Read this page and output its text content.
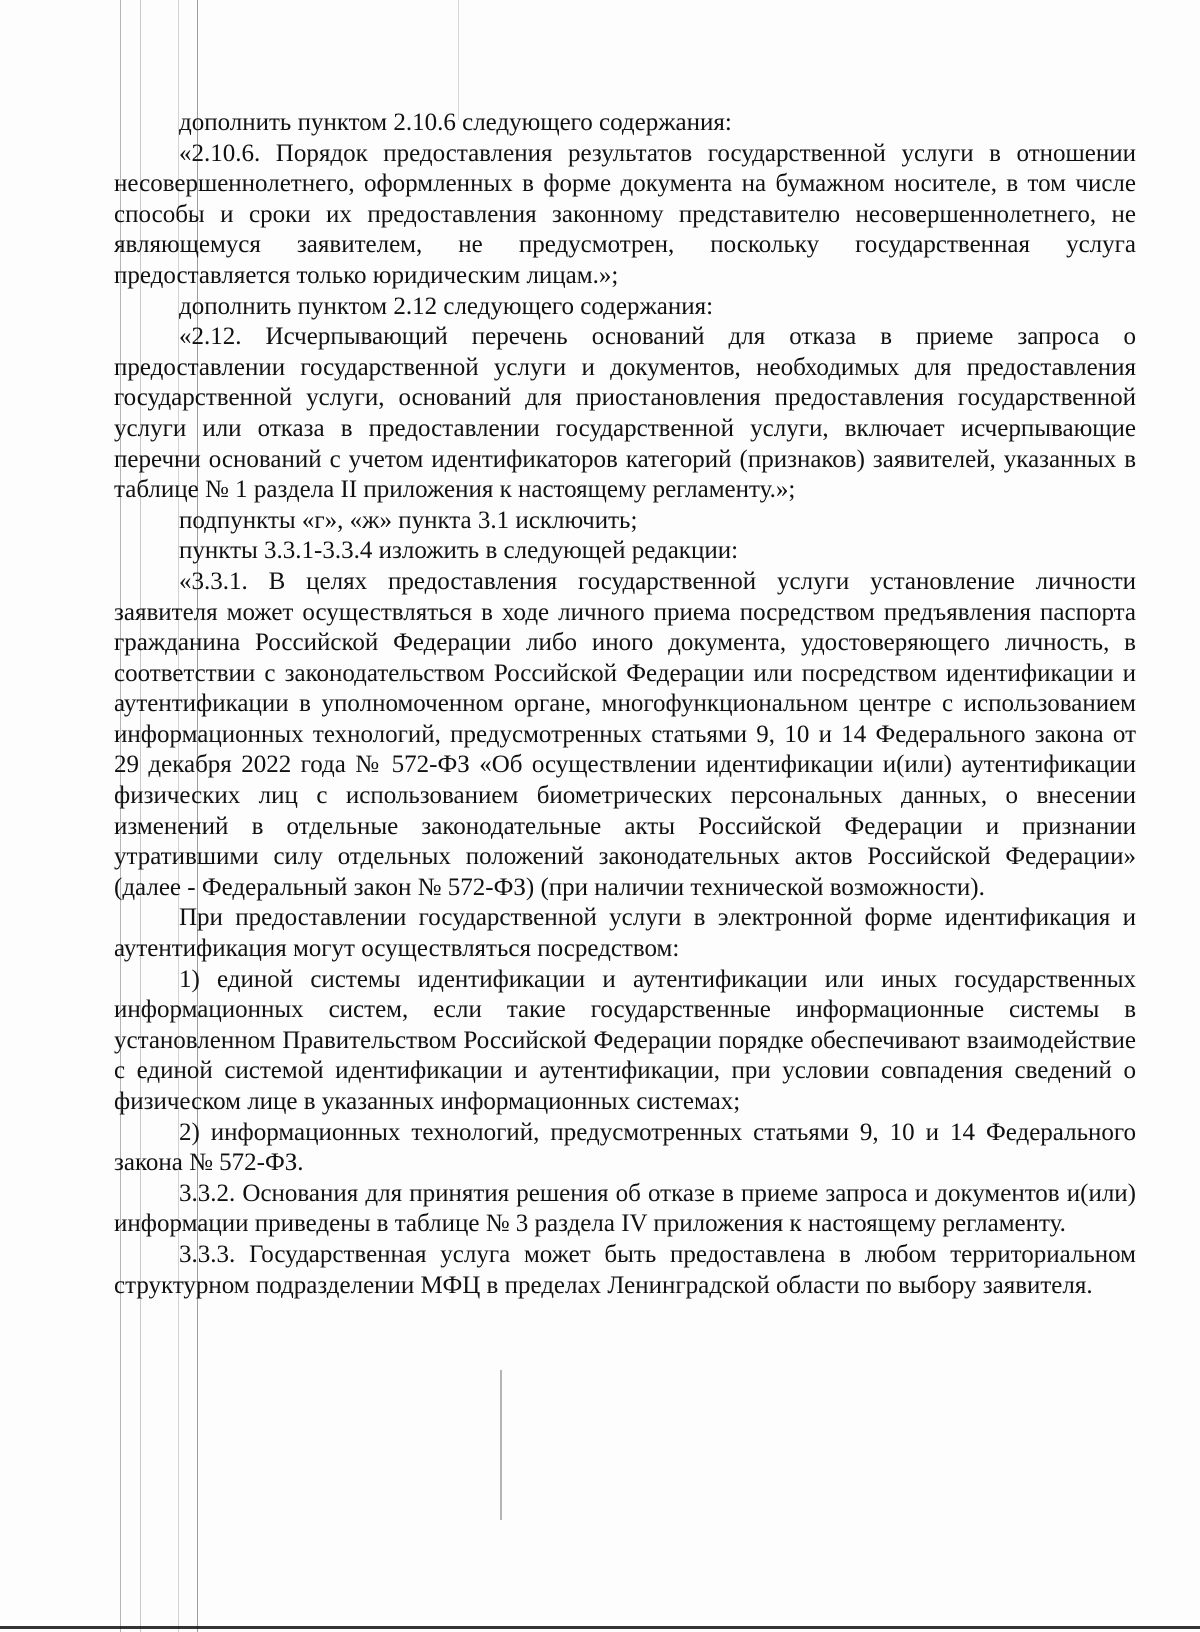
дополнить пунктом 2.10.6 следующего содержания:

«2.10.6. Порядок предоставления результатов государственной услуги в отношении несовершеннолетнего, оформленных в форме документа на бумажном носителе, в том числе способы и сроки их предоставления законному представителю несовершеннолетнего, не являющемуся заявителем, не предусмотрен, поскольку государственная услуга предоставляется только юридическим лицам.»;

дополнить пунктом 2.12 следующего содержания:

«2.12. Исчерпывающий перечень оснований для отказа в приеме запроса о предоставлении государственной услуги и документов, необходимых для предоставления государственной услуги, оснований для приостановления предоставления государственной услуги или отказа в предоставлении государственной услуги, включает исчерпывающие перечни оснований с учетом идентификаторов категорий (признаков) заявителей, указанных в таблице № 1 раздела II приложения к настоящему регламенту.»;

подпункты «г», «ж» пункта 3.1 исключить;

пункты 3.3.1-3.3.4 изложить в следующей редакции:

«3.3.1. В целях предоставления государственной услуги установление личности заявителя может осуществляться в ходе личного приема посредством предъявления паспорта гражданина Российской Федерации либо иного документа, удостоверяющего личность, в соответствии с законодательством Российской Федерации или посредством идентификации и аутентификации в уполномоченном органе, многофункциональном центре с использованием информационных технологий, предусмотренных статьями 9, 10 и 14 Федерального закона от 29 декабря 2022 года № 572-ФЗ «Об осуществлении идентификации и(или) аутентификации физических лиц с использованием биометрических персональных данных, о внесении изменений в отдельные законодательные акты Российской Федерации и признании утратившими силу отдельных положений законодательных актов Российской Федерации» (далее - Федеральный закон № 572-ФЗ) (при наличии технической возможности).

При предоставлении государственной услуги в электронной форме идентификация и аутентификация могут осуществляться посредством:

1) единой системы идентификации и аутентификации или иных государственных информационных систем, если такие государственные информационные системы в установленном Правительством Российской Федерации порядке обеспечивают взаимодействие с единой системой идентификации и аутентификации, при условии совпадения сведений о физическом лице в указанных информационных системах;

2) информационных технологий, предусмотренных статьями 9, 10 и 14 Федерального закона № 572-ФЗ.

3.3.2. Основания для принятия решения об отказе в приеме запроса и документов и(или) информации приведены в таблице № 3 раздела IV приложения к настоящему регламенту.

3.3.3. Государственная услуга может быть предоставлена в любом территориальном структурном подразделении МФЦ в пределах Ленинградской области по выбору заявителя.
